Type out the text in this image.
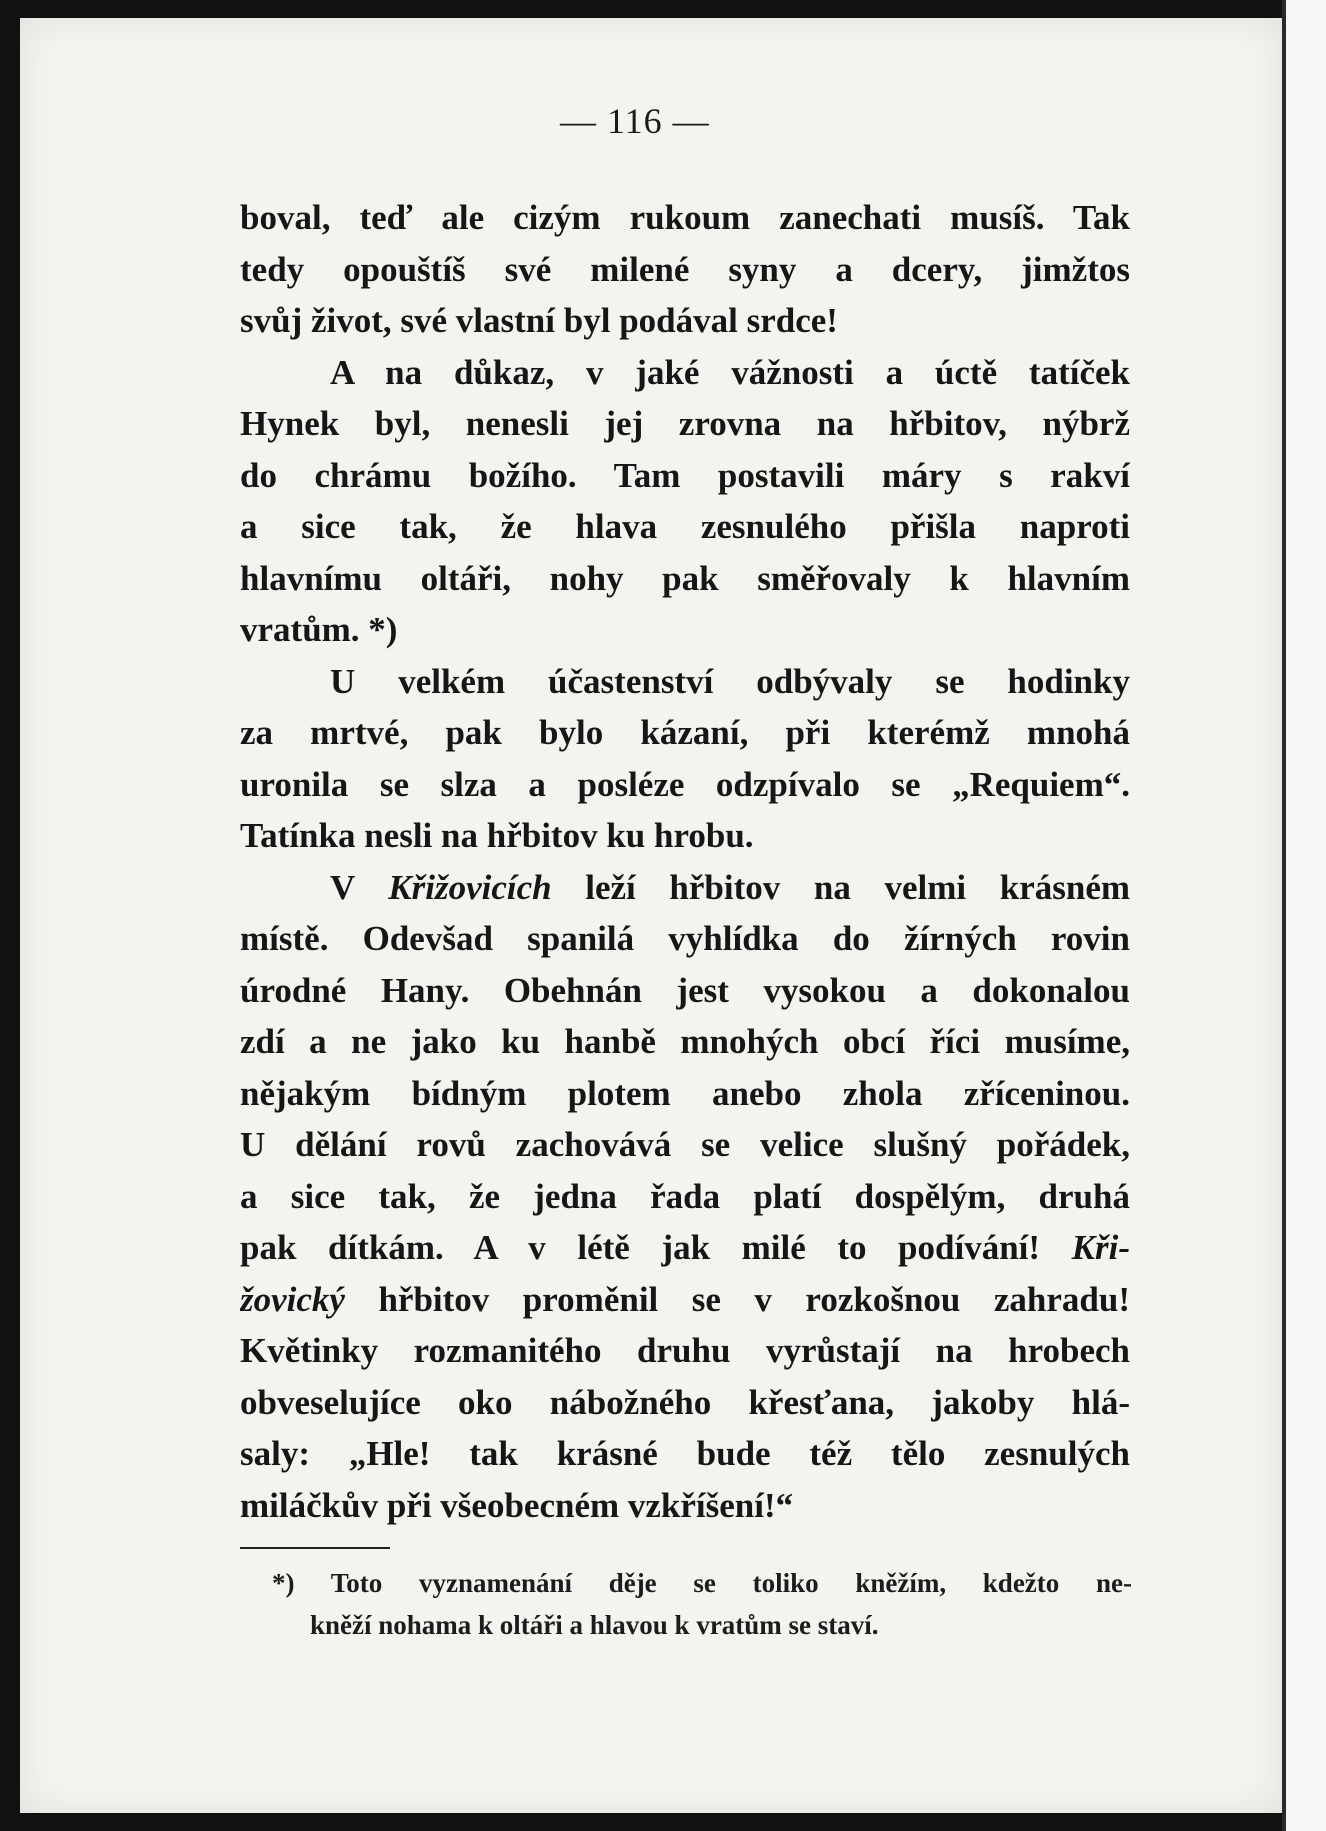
— 116 —
boval, teď ale cizým rukoum zanechati musíš. Tak
tedy opouštíš své milené syny a dcery, jimžtos
svůj život, své vlastní byl podával srdce!
A na důkaz, v jaké vážnosti a úctě tatíček
Hynek byl, nenesli jej zrovna na hřbitov, nýbrž
do chrámu božího. Tam postavili máry s rakví
a sice tak, že hlava zesnulého přišla naproti
hlavnímu oltáři, nohy pak směřovaly k hlavním
vratům. *)
U velkém účastenství odbývaly se hodinky
za mrtvé, pak bylo kázaní, při kterémž mnohá
uronila se slza a posléze odzpívalo se „Requiem“.
Tatínka nesli na hřbitov ku hrobu.
V Křižovicích leží hřbitov na velmi krásném
místě. Odevšad spanilá vyhlídka do žírných rovin
úrodné Hany. Obehnán jest vysokou a dokonalou
zdí a ne jako ku hanbě mnohých obcí říci musíme,
nějakým bídným plotem anebo zhola zříceninou.
U dělání rovů zachovává se velice slušný pořádek,
a sice tak, že jedna řada platí dospělým, druhá
pak dítkám. A v létě jak milé to podívání! Kři-
žovický hřbitov proměnil se v rozkošnou zahradu!
Květinky rozmanitého druhu vyrůstají na hrobech
obveselujíce oko nábožného křesťana, jakoby hlá-
saly: „Hle! tak krásné bude též tělo zesnulých
miláčkův při všeobecném vzkříšení!“
*) Toto vyznamenání děje se toliko kněžím, kdežto ne-
kněží nohama k oltáři a hlavou k vratům se staví.
